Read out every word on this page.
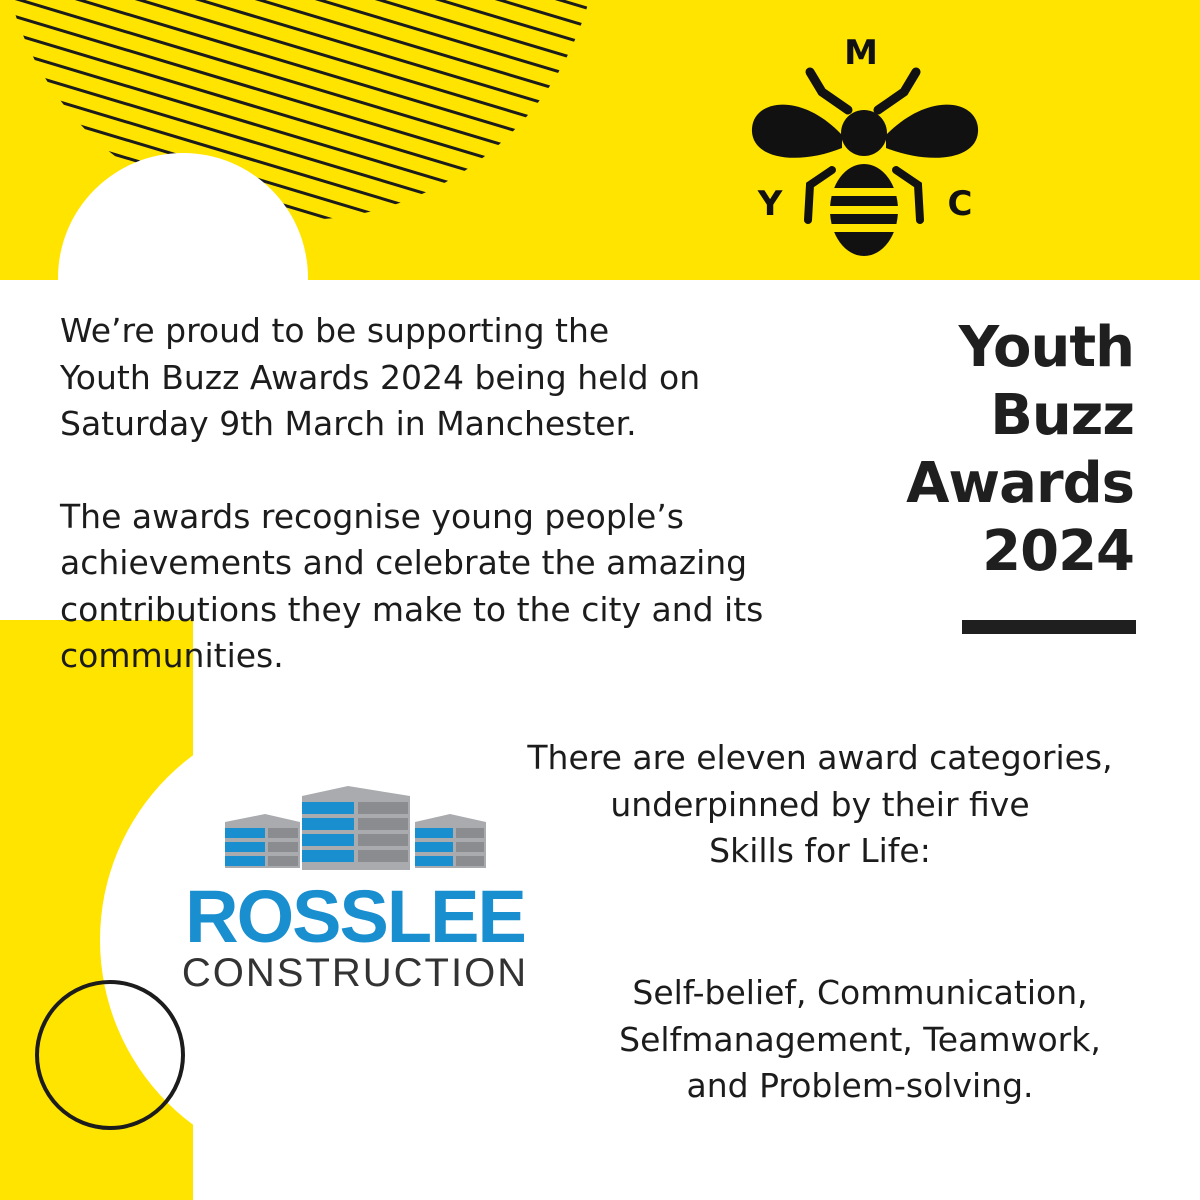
M
Y	C

We’re proud to be supporting the

Youth Buzz Awards 2024 being held on

Saturday 9th March in Manchester.

The awards recognise young people’s

achievements and celebrate the amazing

contributions they make to the city and its

communities.

Youth
Buzz
Awards
2024
There are eleven award categories,
underpinned by their five
Skills for Life:
Self-belief, Communication,
Selfmanagement, Teamwork,
and Problem-solving.
ROSSLEE
CONSTRUCTION
